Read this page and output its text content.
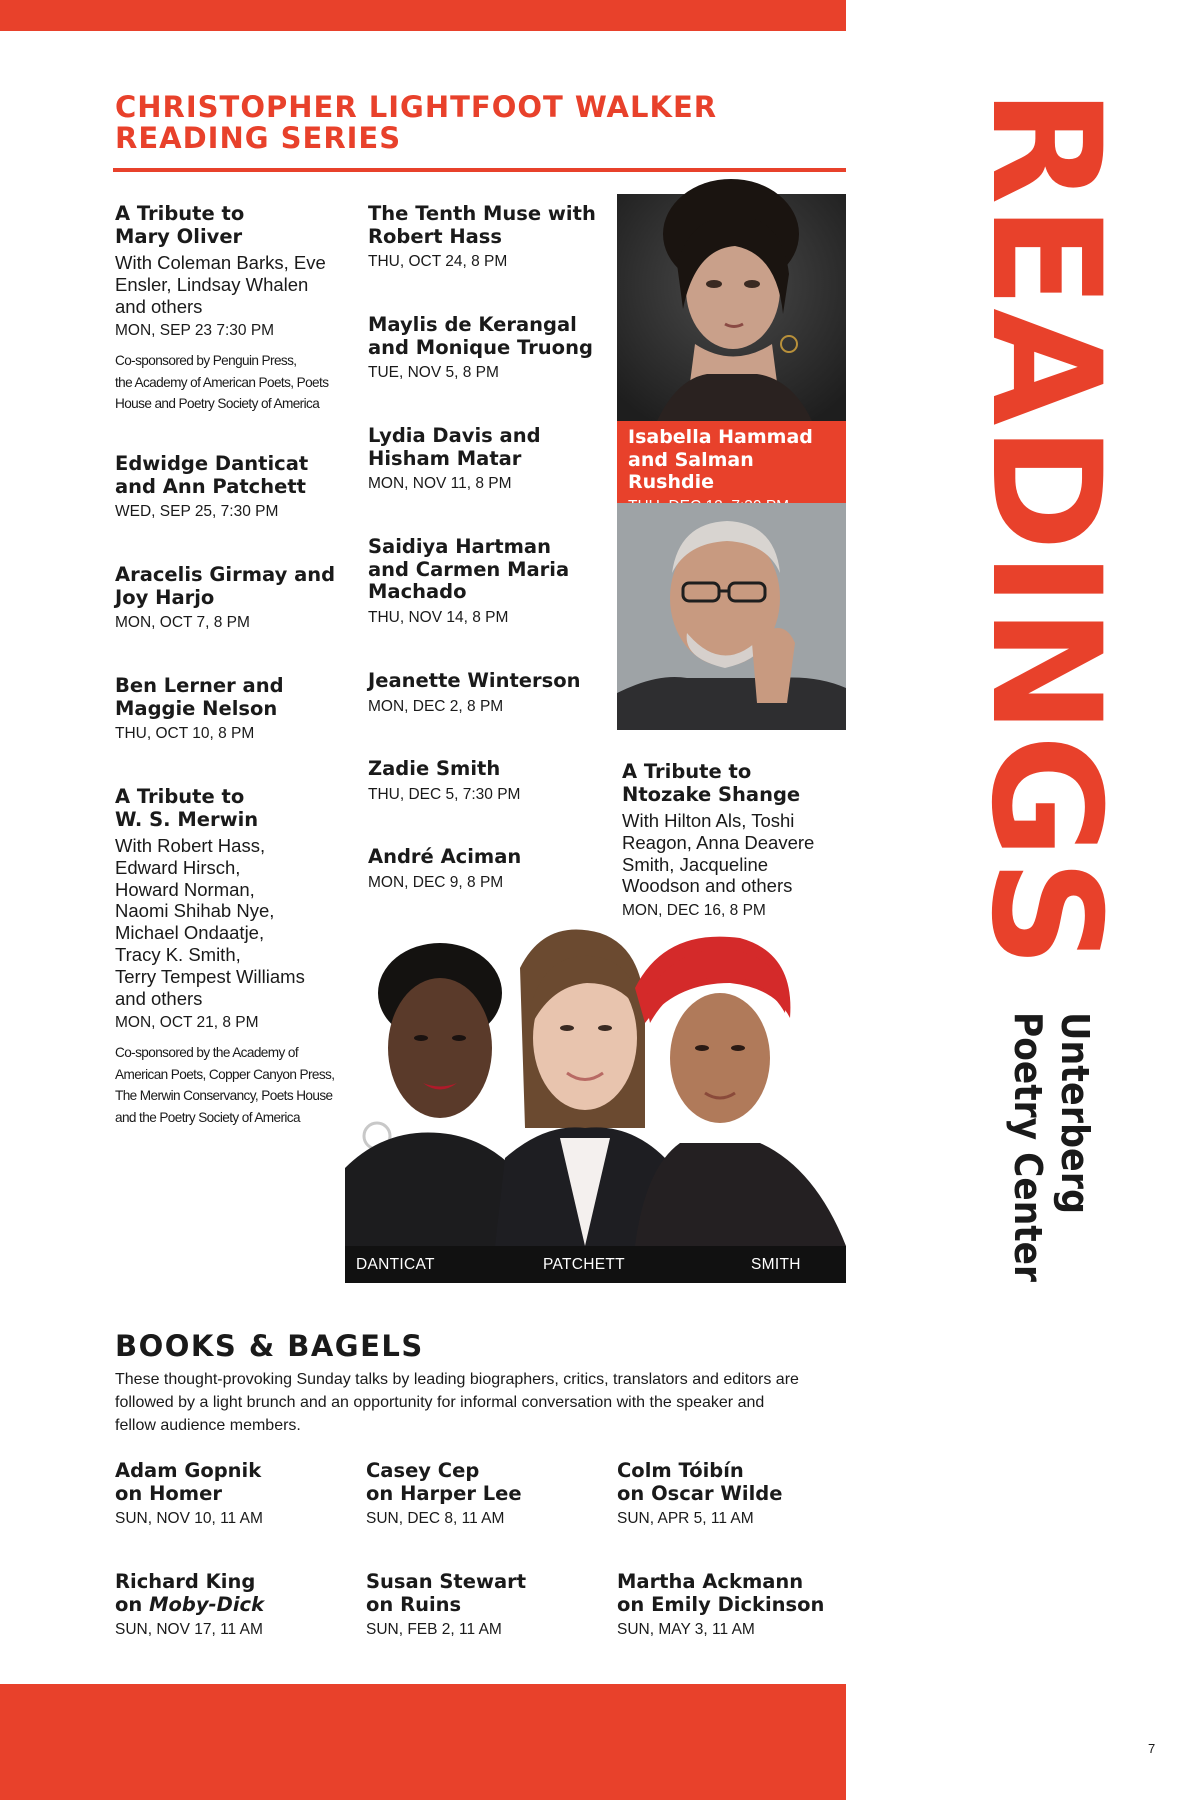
CHRISTOPHER LIGHTFOOT WALKER
READING SERIES
A Tribute to
Mary Oliver
With Coleman Barks, Eve
Ensler, Lindsay Whalen
and others
MON, SEP 23 7:30 PM
Co-sponsored by Penguin Press,
the Academy of American Poets, Poets
House and Poetry Society of America
Edwidge Danticat
and Ann Patchett
WED, SEP 25, 7:30 PM
Aracelis Girmay and
Joy Harjo
MON, OCT 7, 8 PM
Ben Lerner and
Maggie Nelson
THU, OCT 10, 8 PM
A Tribute to
W. S. Merwin
With Robert Hass,
Edward Hirsch,
Howard Norman,
Naomi Shihab Nye,
Michael Ondaatje,
Tracy K. Smith,
Terry Tempest Williams
and others
MON, OCT 21, 8 PM
Co-sponsored by the Academy of
American Poets, Copper Canyon Press,
The Merwin Conservancy, Poets House
and the Poetry Society of America
The Tenth Muse with
Robert Hass
THU, OCT 24, 8 PM
Maylis de Kerangal
and Monique Truong
TUE, NOV 5, 8 PM
Lydia Davis and
Hisham Matar
MON, NOV 11, 8 PM
Saidiya Hartman
and Carmen Maria
Machado
THU, NOV 14, 8 PM
Jeanette Winterson
MON, DEC 2, 8 PM
Zadie Smith
THU, DEC 5, 7:30 PM
André Aciman
MON, DEC 9, 8 PM
Isabella Hammad
and Salman Rushdie
A Tribute to
Ntozake Shange
With Hilton Als, Toshi
Reagon, Anna Deavere
Smith, Jacqueline
Woodson and others
MON, DEC 16, 8 PM
DANTICAT	PATCHETT	SMITH
READINGS
Unterberg
Poetry Center
BOOKS & BAGELS
These thought-provoking Sunday talks by leading biographers, critics, translators and editors are
followed by a light brunch and an opportunity for informal conversation with the speaker and
fellow audience members.
Adam Gopnik
on Homer
SUN, NOV 10, 11 AM
Casey Cep
on Harper Lee
SUN, DEC 8, 11 AM
Colm Tóibín
on Oscar Wilde
SUN, APR 5, 11 AM
Richard King
on Moby-Dick
SUN, NOV 17, 11 AM
Susan Stewart
on Ruins
SUN, FEB 2, 11 AM
Martha Ackmann
on Emily Dickinson
SUN, MAY 3, 11 AM
7
